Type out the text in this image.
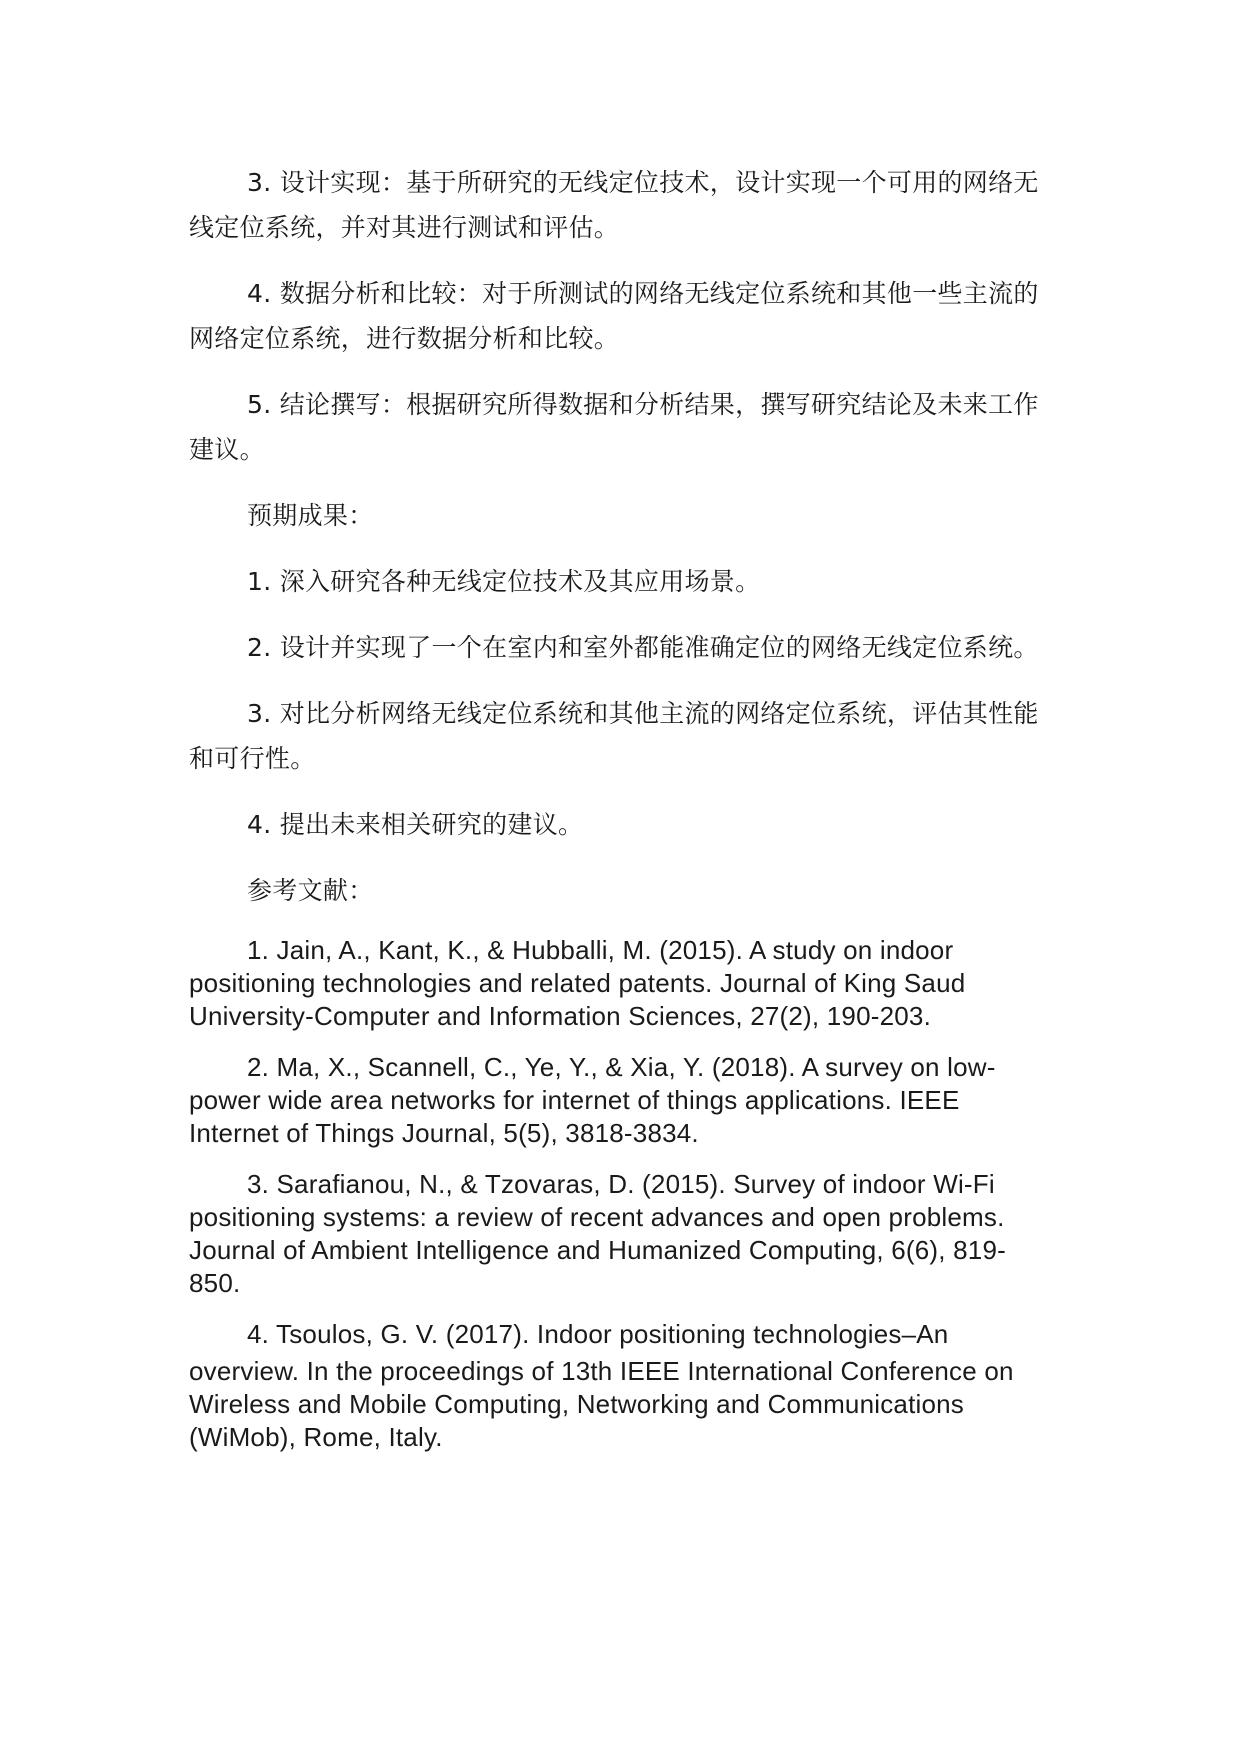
3. 设计实现：基于所研究的无线定位技术，设计实现一个可用的网络无线定位系统，并对其进行测试和评估。

4. 数据分析和比较：对于所测试的网络无线定位系统和其他一些主流的网络定位系统，进行数据分析和比较。

5. 结论撰写：根据研究所得数据和分析结果，撰写研究结论及未来工作建议。

预期成果：

1. 深入研究各种无线定位技术及其应用场景。

2. 设计并实现了一个在室内和室外都能准确定位的网络无线定位系统。

3. 对比分析网络无线定位系统和其他主流的网络定位系统，评估其性能和可行性。

4. 提出未来相关研究的建议。

参考文献：

1. Jain, A., Kant, K., & Hubballi, M. (2015). A study on indoor
positioning technologies and related patents. Journal of King Saud
University-Computer and Information Sciences, 27(2), 190-203.
2. Ma, X., Scannell, C., Ye, Y., & Xia, Y. (2018). A survey on low-
power wide area networks for internet of things applications. IEEE
Internet of Things Journal, 5(5), 3818-3834.
3. Sarafianou, N., & Tzovaras, D. (2015). Survey of indoor Wi-Fi
positioning systems: a review of recent advances and open problems.
Journal of Ambient Intelligence and Humanized Computing, 6(6), 819-
850.
4. Tsoulos, G. V. (2017). Indoor positioning technologies–An
overview. In the proceedings of 13th IEEE International Conference on
Wireless and Mobile Computing, Networking and Communications
(WiMob), Rome, Italy.
